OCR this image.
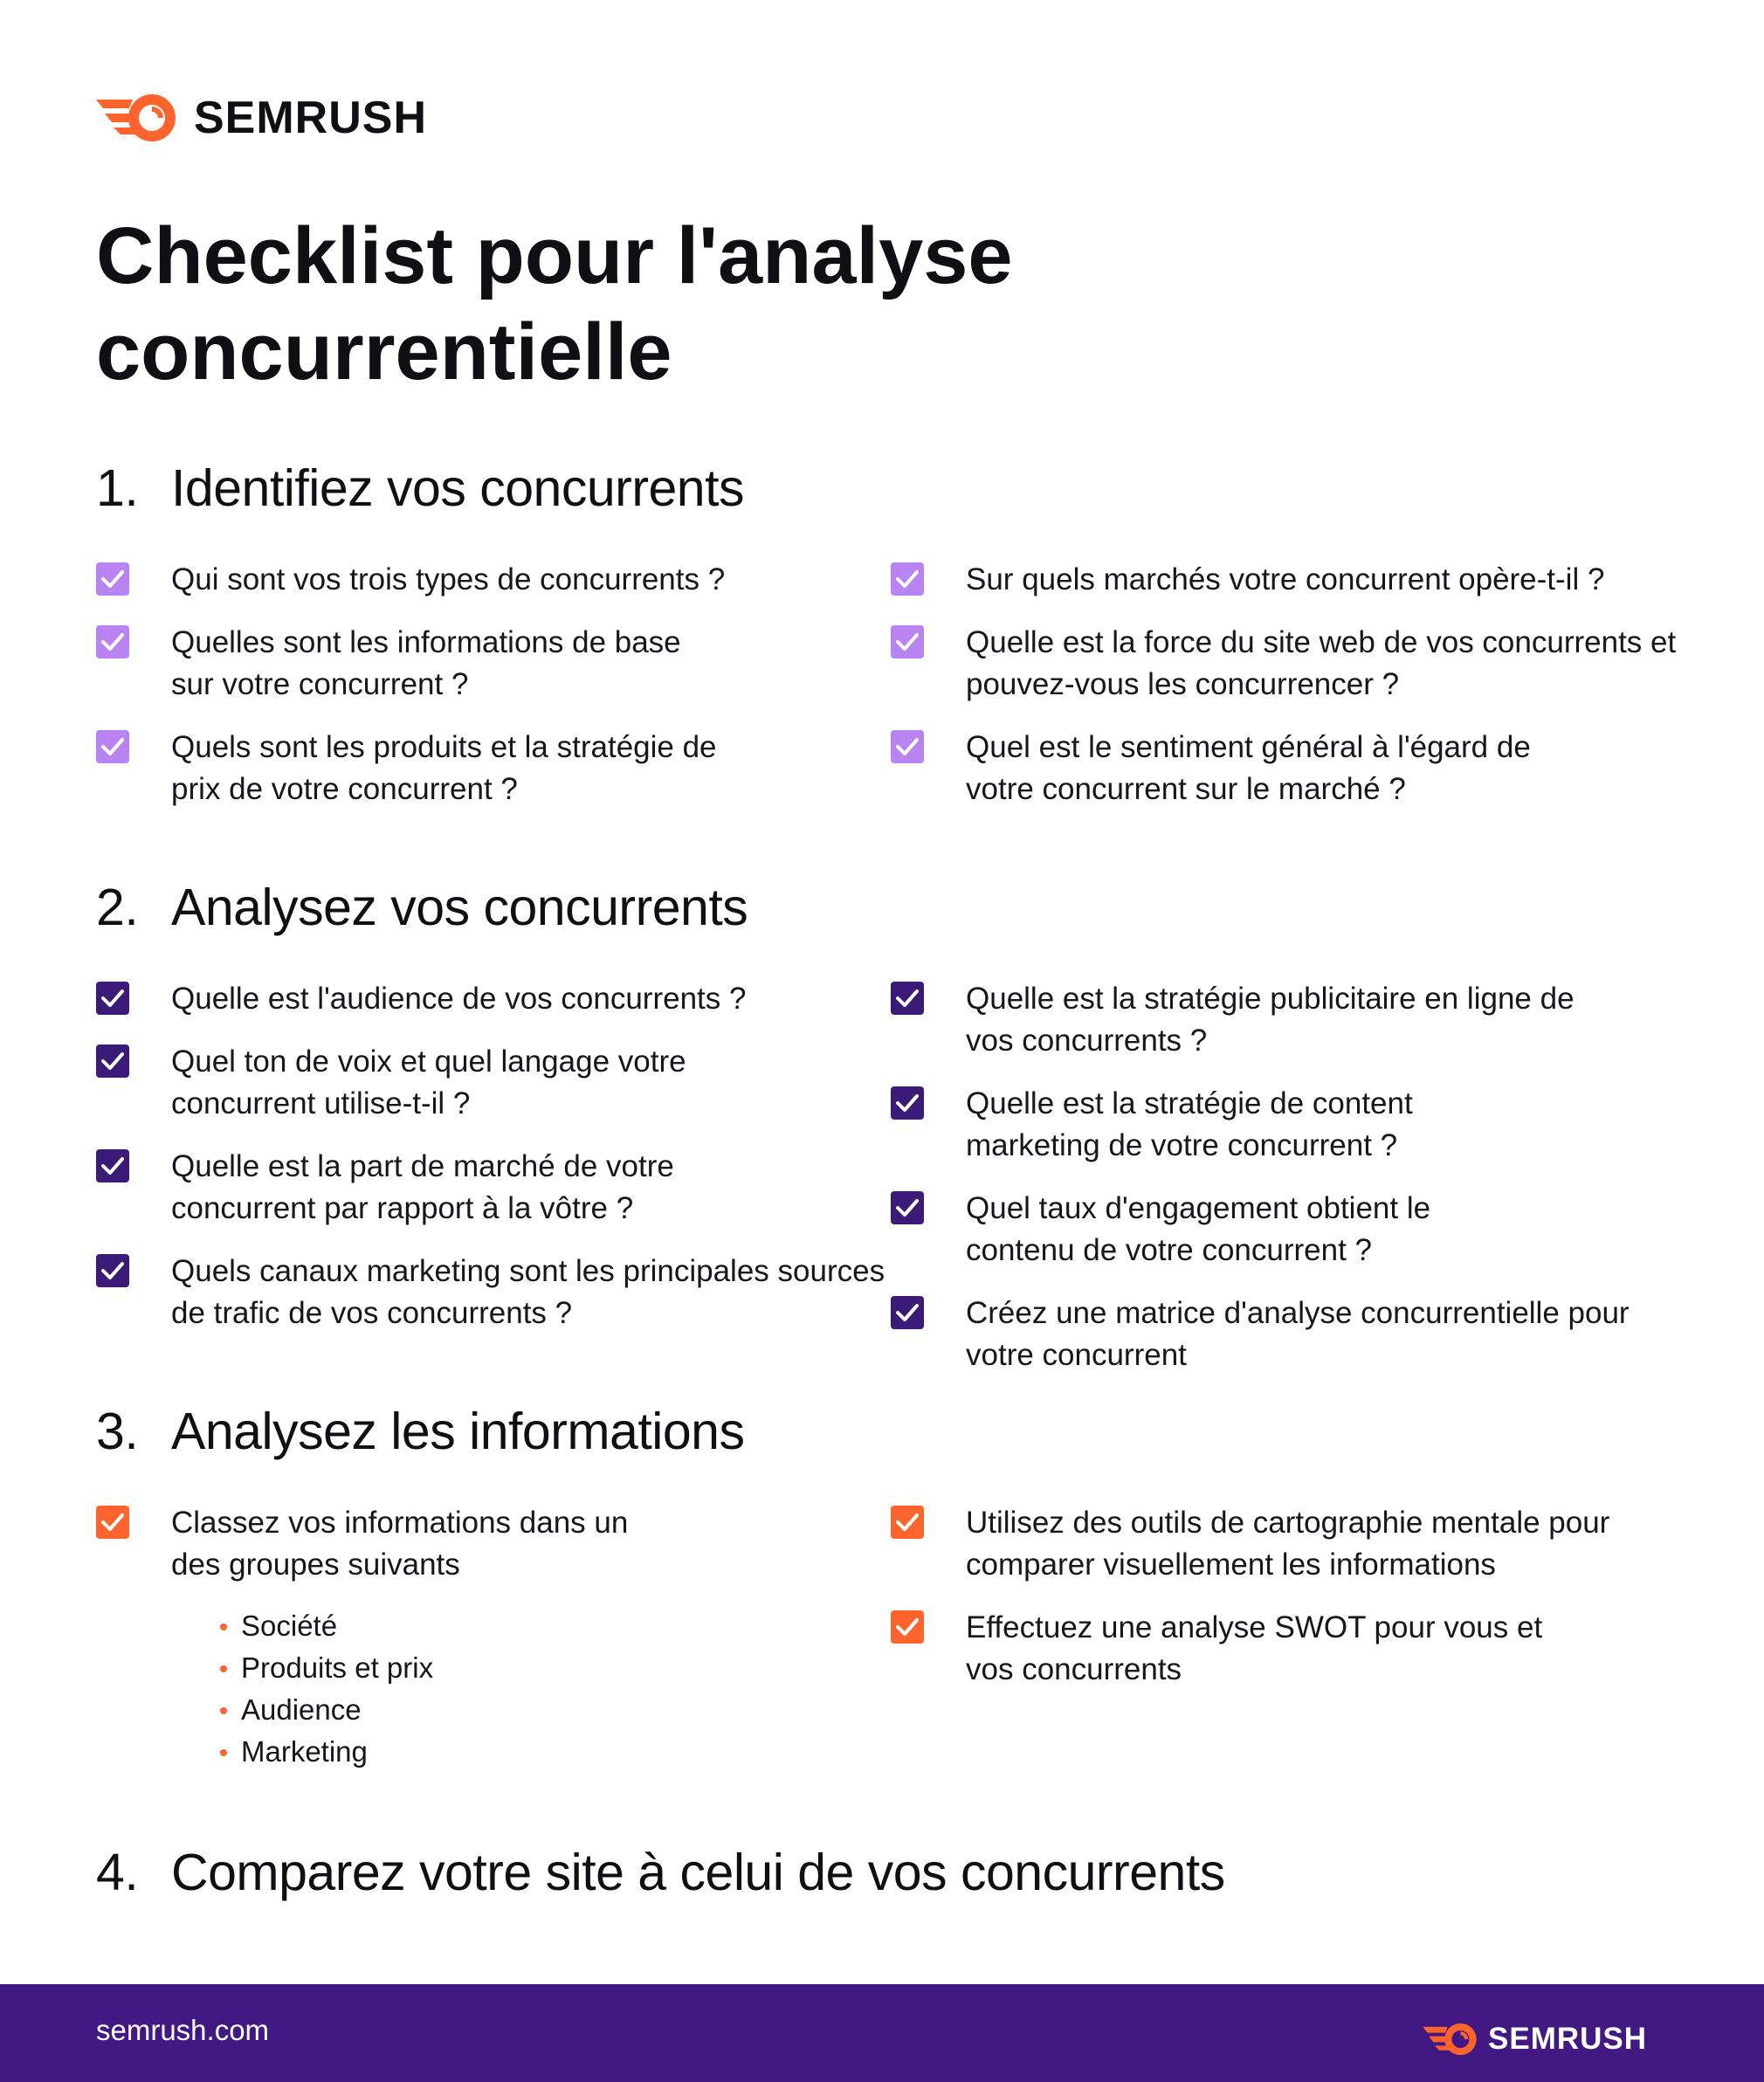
SEMRUSH
Checklist pour l'analyse concurrentielle
1. Identifiez vos concurrents
Qui sont vos trois types de concurrents ?
Quelles sont les informations de base sur votre concurrent ?
Quels sont les produits et la stratégie de prix de votre concurrent ?
Sur quels marchés votre concurrent opère-t-il ?
Quelle est la force du site web de vos concurrents et pouvez-vous les concurrencer ?
Quel est le sentiment général à l'égard de votre concurrent sur le marché ?
2. Analysez vos concurrents
Quelle est l'audience de vos concurrents ?
Quel ton de voix et quel langage votre concurrent utilise-t-il ?
Quelle est la part de marché de votre concurrent par rapport à la vôtre ?
Quels canaux marketing sont les principales sources de trafic de vos concurrents ?
Quelle est la stratégie publicitaire en ligne de vos concurrents ?
Quelle est la stratégie de content marketing de votre concurrent ?
Quel taux d'engagement obtient le contenu de votre concurrent ?
Créez une matrice d'analyse concurrentielle pour votre concurrent
3. Analysez les informations
Classez vos informations dans un des groupes suivants
Société
Produits et prix
Audience
Marketing
Utilisez des outils de cartographie mentale pour comparer visuellement les informations
Effectuez une analyse SWOT pour vous et vos concurrents
4. Comparez votre site à celui de vos concurrents
semrush.com	SEMRUSH
